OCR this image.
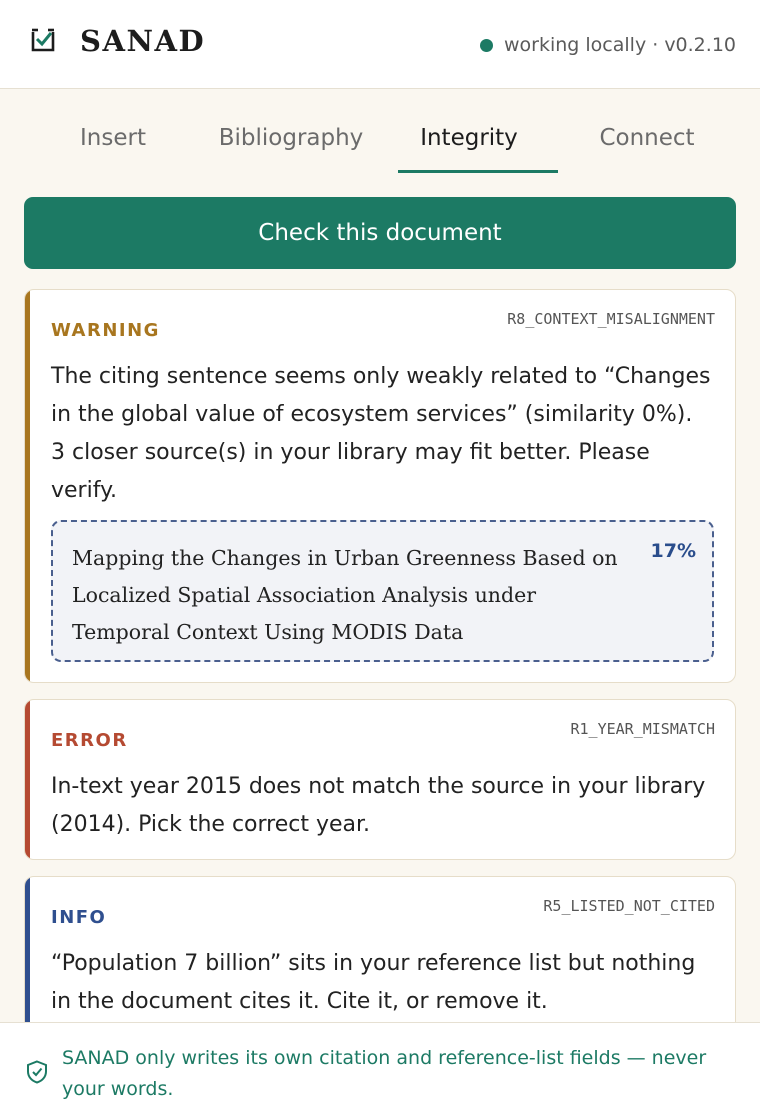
SANAD	working locally · v0.2.10
Insert	Bibliography	Integrity	Connect
Check this document
WARNING
R8_CONTEXT_MISALIGNMENT
The citing sentence seems only weakly related to “Changes in the global value of ecosystem services” (similarity 0%). 3 closer source(s) in your library may fit better. Please verify.
Mapping the Changes in Urban Greenness Based on Localized Spatial Association Analysis under Temporal Context Using MODIS Data
17%
ERROR
R1_YEAR_MISMATCH
In-text year 2015 does not match the source in your library (2014). Pick the correct year.
INFO
R5_LISTED_NOT_CITED
“Population 7 billion” sits in your reference list but nothing in the document cites it. Cite it, or remove it.
SANAD only writes its own citation and reference-list fields — never your words.
